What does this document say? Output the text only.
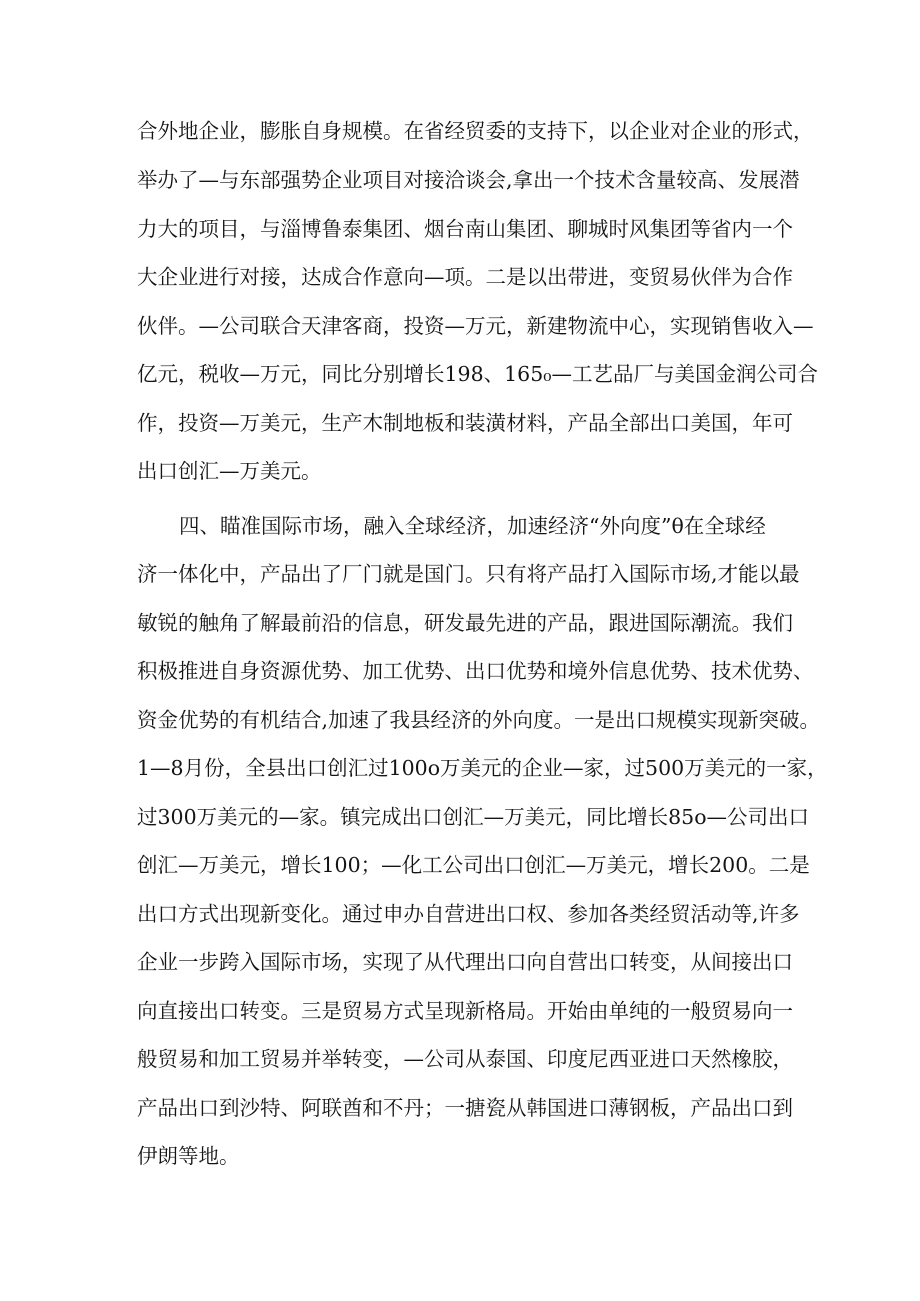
合外地企业，膨胀自身规模。在省经贸委的支持下，以企业对企业的形式，

举办了—与东部强势企业项目对接洽谈会,拿出一个技术含量较高、发展潜

力大的项目，与淄博鲁泰集团、烟台南山集团、聊城时风集团等省内一个

大企业进行对接，达成合作意向—项。二是以出带进，变贸易伙伴为合作

伙伴。—公司联合天津客商，投资—万元，新建物流中心，实现销售收入—

亿元，税收—万元，同比分别增长198、165₀—工艺品厂与美国金润公司合

作，投资—万美元，生产木制地板和装潢材料，产品全部出口美国，年可

出口创汇—万美元。

四、瞄准国际市场，融入全球经济，加速经济“外向度”θ在全球经

济一体化中，产品出了厂门就是国门。只有将产品打入国际市场,才能以最

敏锐的触角了解最前沿的信息，研发最先进的产品，跟进国际潮流。我们

积极推进自身资源优势、加工优势、出口优势和境外信息优势、技术优势、

资金优势的有机结合,加速了我县经济的外向度。一是出口规模实现新突破。

1—8月份，全县出口创汇过100o万美元的企业—家，过500万美元的一家，

过300万美元的—家。镇完成出口创汇—万美元，同比增长85o—公司出口

创汇—万美元，增长100；—化工公司出口创汇—万美元，增长200。二是

出口方式出现新变化。通过申办自营进出口权、参加各类经贸活动等,许多

企业一步跨入国际市场，实现了从代理出口向自营出口转变，从间接出口

向直接出口转变。三是贸易方式呈现新格局。开始由单纯的一般贸易向一

般贸易和加工贸易并举转变，—公司从泰国、印度尼西亚进口天然橡胶，

产品出口到沙特、阿联酋和不丹；一搪瓷从韩国进口薄钢板，产品出口到

伊朗等地。
